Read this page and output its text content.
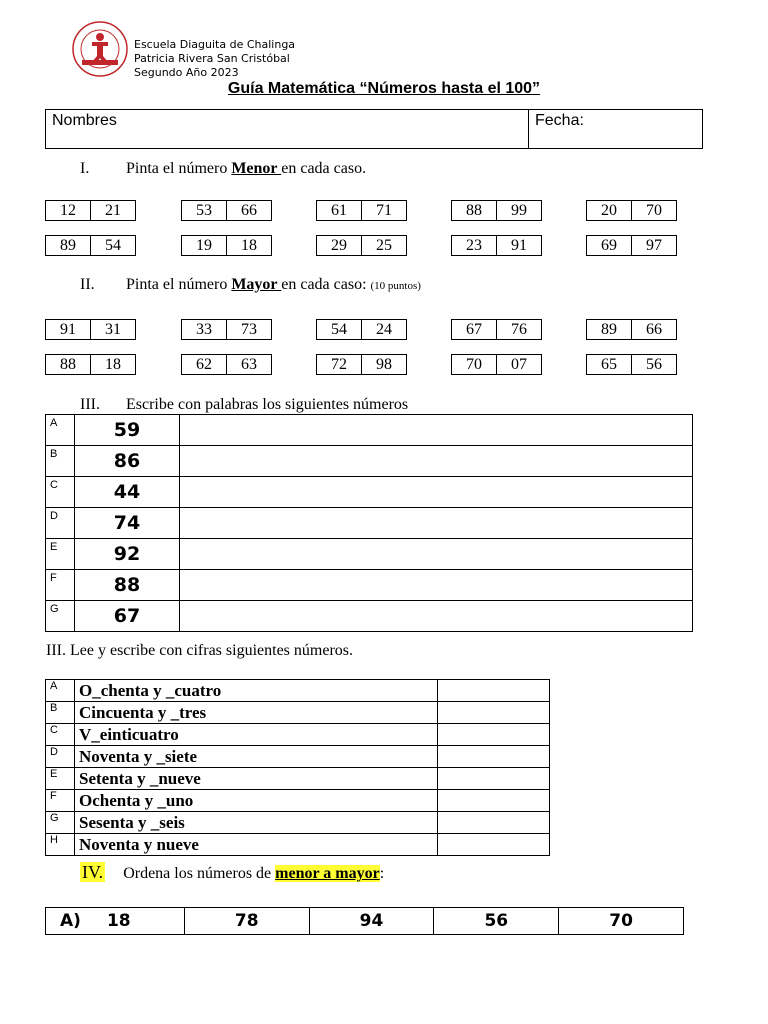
Escuela Diaguita de Chalinga
Patricia Rivera San Cristóbal
Segundo Año 2023
Guía Matemática “Números hasta el 100”
Nombres	Fecha:
I. Pinta el número Menor en cada caso.
12	21	53	66	61	71	88	99	20	70
89	54	19	18	29	25	23	91	69	97
II. Pinta el número Mayor en cada caso: (10 puntos)
91	31	33	73	54	24	67	76	89	66
88	18	62	63	72	98	70	07	65	56
III. Escribe con palabras los siguientes números
A	59	
B	86	
C	44	
D	74	
E	92	
F	88	
G	67	
III. Lee y escribe con cifras siguientes números.
A	O_chenta y _cuatro	
B	Cincuenta y _tres	
C	V_einticuatro	
D	Noventa y _siete	
E	Setenta y _nueve	
F	Ochenta y _uno	
G	Sesenta y _seis	
H	Noventa y nueve	
IV. Ordena los números de menor a mayor:
A) 18	78	94	56	70
